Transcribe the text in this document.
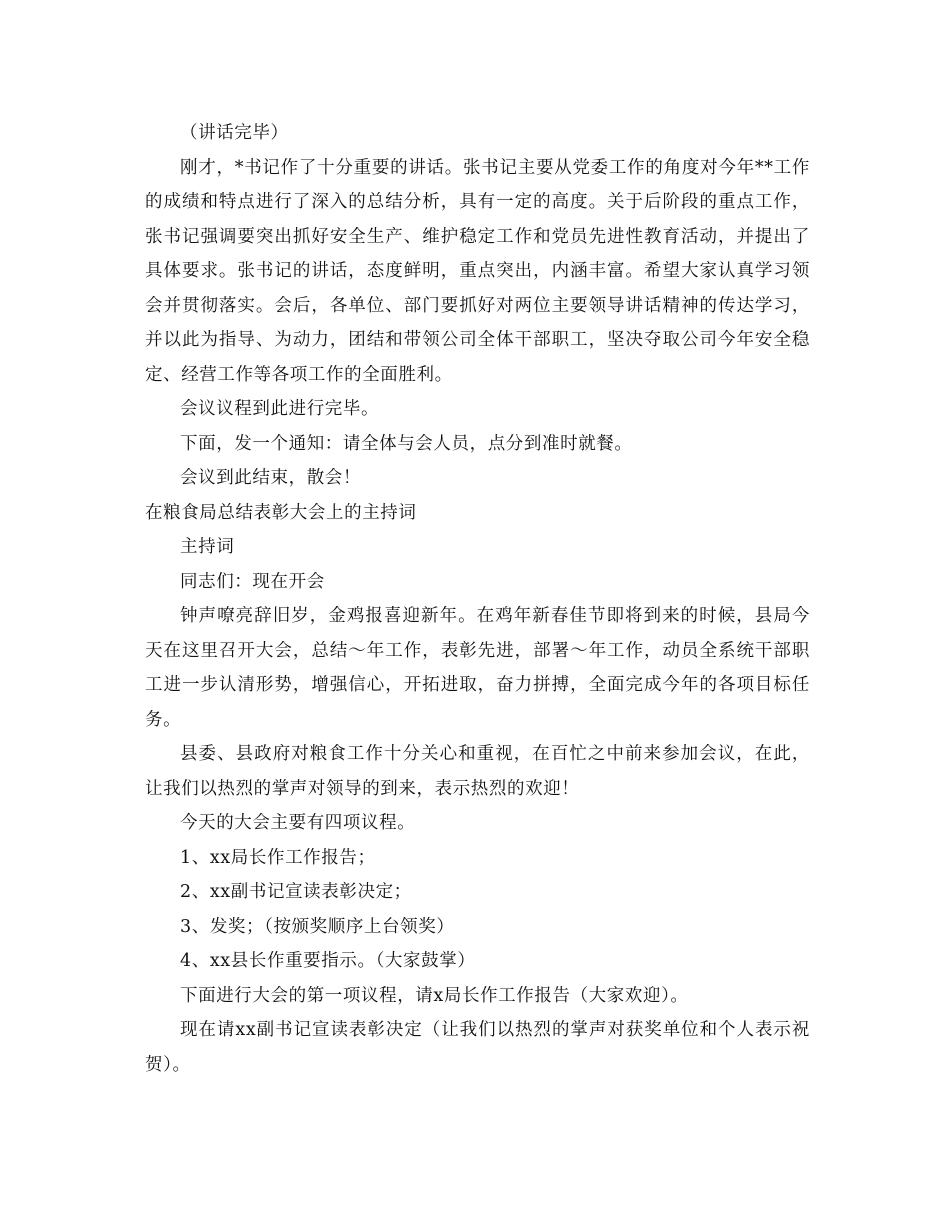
（讲话完毕）

刚才，*书记作了十分重要的讲话。张书记主要从党委工作的角度对今年**工作的成绩和特点进行了深入的总结分析，具有一定的高度。关于后阶段的重点工作，张书记强调要突出抓好安全生产、维护稳定工作和党员先进性教育活动，并提出了具体要求。张书记的讲话，态度鲜明，重点突出，内涵丰富。希望大家认真学习领会并贯彻落实。会后，各单位、部门要抓好对两位主要领导讲话精神的传达学习，并以此为指导、为动力，团结和带领公司全体干部职工，坚决夺取公司今年安全稳定、经营工作等各项工作的全面胜利。

会议议程到此进行完毕。

下面，发一个通知：请全体与会人员，点分到准时就餐。

会议到此结束，散会！

在粮食局总结表彰大会上的主持词

主持词

同志们：现在开会

钟声嘹亮辞旧岁，金鸡报喜迎新年。在鸡年新春佳节即将到来的时候，县局今天在这里召开大会，总结～年工作，表彰先进，部署～年工作，动员全系统干部职工进一步认清形势，增强信心，开拓进取，奋力拼搏，全面完成今年的各项目标任务。

县委、县政府对粮食工作十分关心和重视，在百忙之中前来参加会议，在此，让我们以热烈的掌声对领导的到来，表示热烈的欢迎！

今天的大会主要有四项议程。

1、xx局长作工作报告；

2、xx副书记宣读表彰决定；

3、发奖；（按颁奖顺序上台领奖）

4、xx县长作重要指示。（大家鼓掌）

下面进行大会的第一项议程，请x局长作工作报告（大家欢迎）。

现在请xx副书记宣读表彰决定（让我们以热烈的掌声对获奖单位和个人表示祝贺）。
